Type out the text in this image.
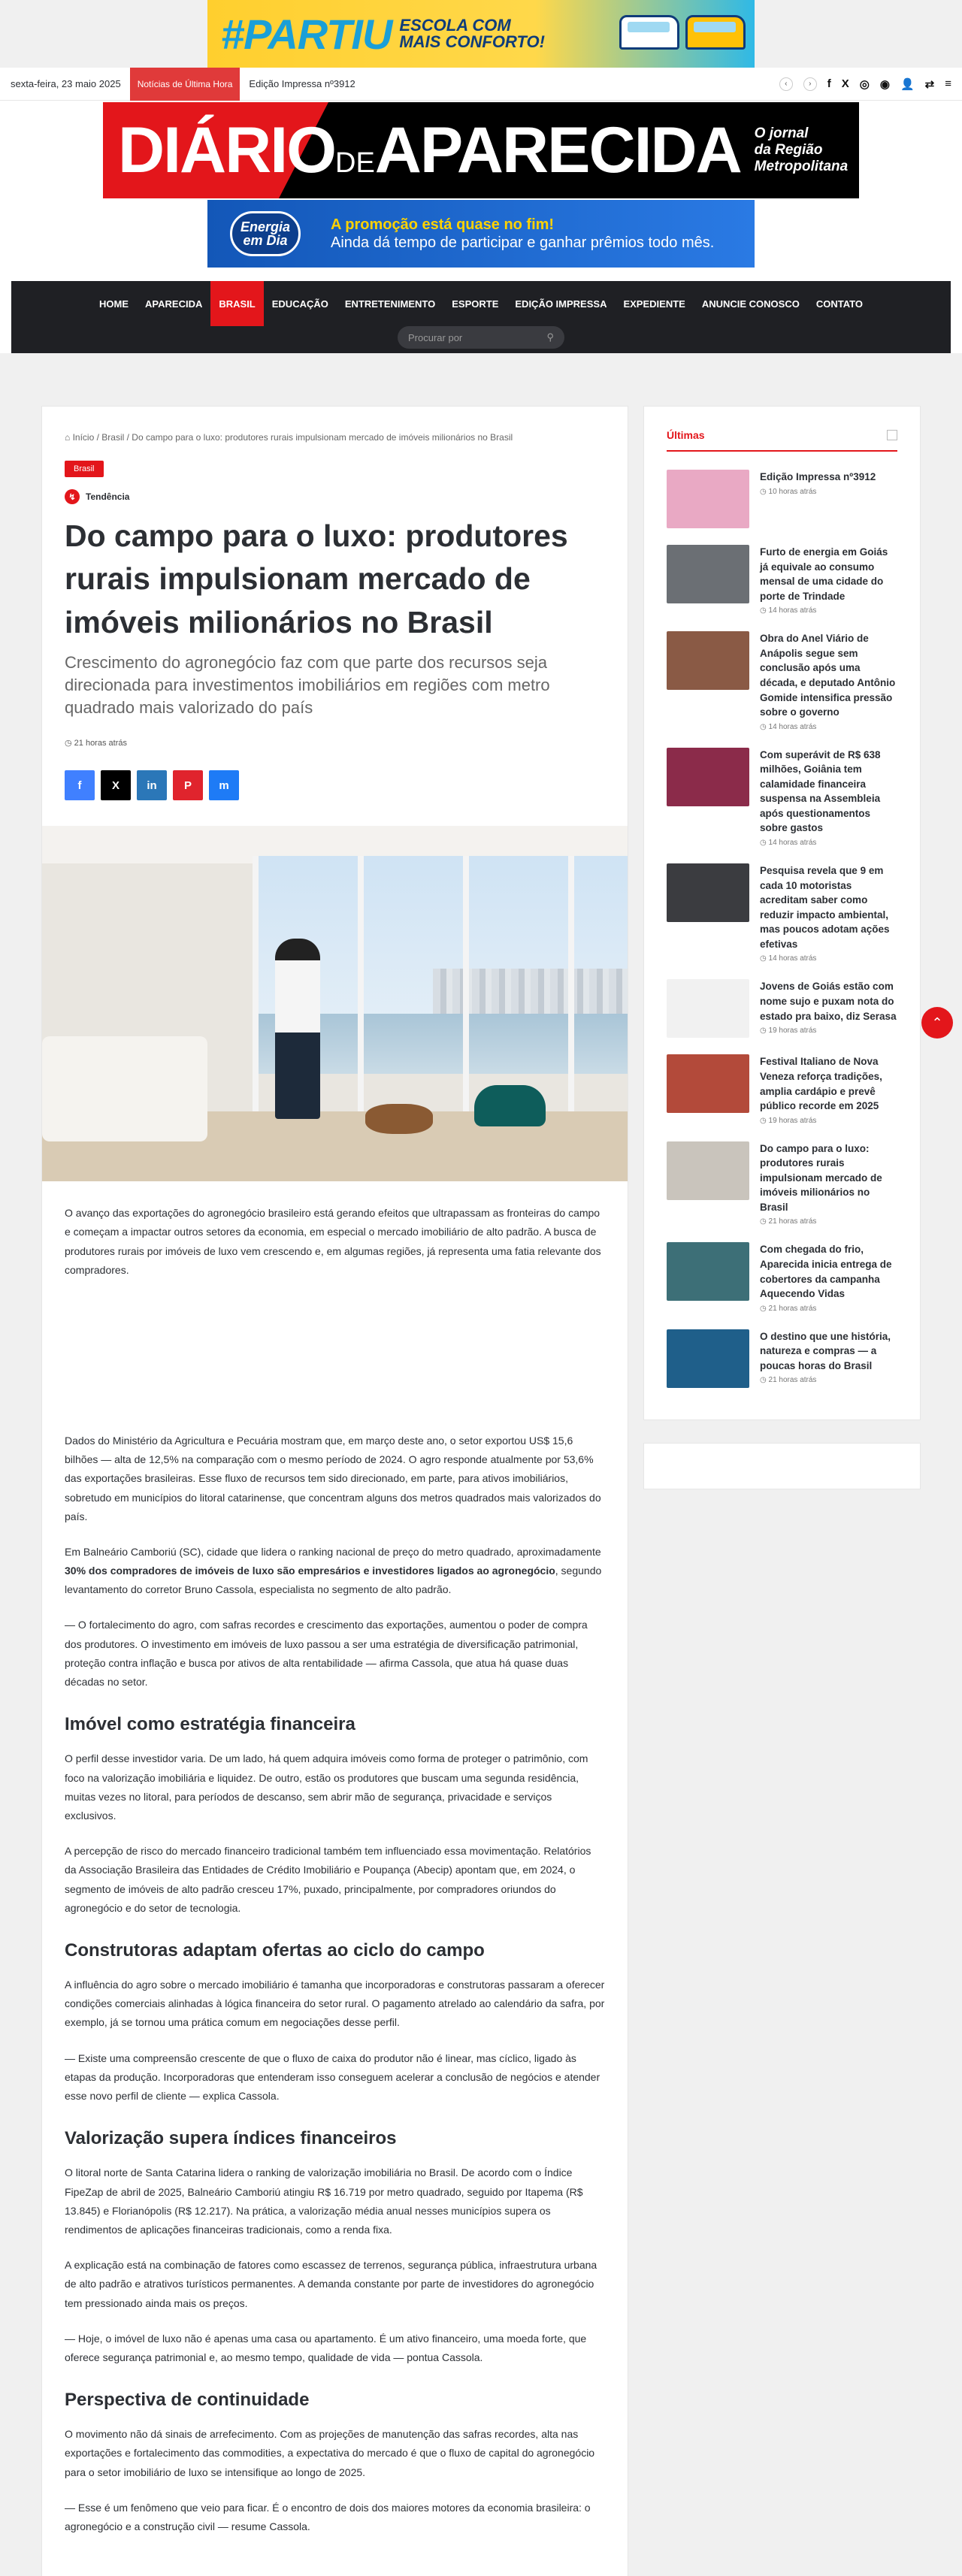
#PARTIU ESCOLA COM MAIS CONFORTO!
sexta-feira, 23 maio 2025	Notícias de Última Hora	Edição Impressa nº3912	‹	›	f X ◎ ◉ 👤 ⇄ ≡
DIÁRIODEAPARECIDA O jornal
da Região
Metropolitana
Energia em Dia
A promoção está quase no fim!
Ainda dá tempo de participar e ganhar prêmios todo mês.
HOME	APARECIDA	BRASIL	EDUCAÇÃO	ENTRETENIMENTO	ESPORTE	EDIÇÃO IMPRESSA	EXPEDIENTE	ANUNCIE CONOSCO	CONTATO
Procurar por	⚲
⌂ Início / Brasil / Do campo para o luxo: produtores rurais impulsionam mercado de imóveis milionários no Brasil
Brasil
↯	Tendência
Do campo para o luxo: produtores rurais impulsionam mercado de imóveis milionários no Brasil
Crescimento do agronegócio faz com que parte dos recursos seja direcionada para investimentos imobiliários em regiões com metro quadrado mais valorizado do país
◷ 21 horas atrás
f	X	in	P	m

O avanço das exportações do agronegócio brasileiro está gerando efeitos que ultrapassam as fronteiras do campo e começam a impactar outros setores da economia, em especial o mercado imobiliário de alto padrão. A busca de produtores rurais por imóveis de luxo vem crescendo e, em algumas regiões, já representa uma fatia relevante dos compradores.

Dados do Ministério da Agricultura e Pecuária mostram que, em março deste ano, o setor exportou US$ 15,6 bilhões — alta de 12,5% na comparação com o mesmo período de 2024. O agro responde atualmente por 53,6% das exportações brasileiras. Esse fluxo de recursos tem sido direcionado, em parte, para ativos imobiliários, sobretudo em municípios do litoral catarinense, que concentram alguns dos metros quadrados mais valorizados do país.

Em Balneário Camboriú (SC), cidade que lidera o ranking nacional de preço do metro quadrado, aproximadamente 30% dos compradores de imóveis de luxo são empresários e investidores ligados ao agronegócio, segundo levantamento do corretor Bruno Cassola, especialista no segmento de alto padrão.

— O fortalecimento do agro, com safras recordes e crescimento das exportações, aumentou o poder de compra dos produtores. O investimento em imóveis de luxo passou a ser uma estratégia de diversificação patrimonial, proteção contra inflação e busca por ativos de alta rentabilidade — afirma Cassola, que atua há quase duas décadas no setor.

Imóvel como estratégia financeira

O perfil desse investidor varia. De um lado, há quem adquira imóveis como forma de proteger o patrimônio, com foco na valorização imobiliária e liquidez. De outro, estão os produtores que buscam uma segunda residência, muitas vezes no litoral, para períodos de descanso, sem abrir mão de segurança, privacidade e serviços exclusivos.

A percepção de risco do mercado financeiro tradicional também tem influenciado essa movimentação. Relatórios da Associação Brasileira das Entidades de Crédito Imobiliário e Poupança (Abecip) apontam que, em 2024, o segmento de imóveis de alto padrão cresceu 17%, puxado, principalmente, por compradores oriundos do agronegócio e do setor de tecnologia.

Construtoras adaptam ofertas ao ciclo do campo

A influência do agro sobre o mercado imobiliário é tamanha que incorporadoras e construtoras passaram a oferecer condições comerciais alinhadas à lógica financeira do setor rural. O pagamento atrelado ao calendário da safra, por exemplo, já se tornou uma prática comum em negociações desse perfil.

— Existe uma compreensão crescente de que o fluxo de caixa do produtor não é linear, mas cíclico, ligado às etapas da produção. Incorporadoras que entenderam isso conseguem acelerar a conclusão de negócios e atender esse novo perfil de cliente — explica Cassola.

Valorização supera índices financeiros

O litoral norte de Santa Catarina lidera o ranking de valorização imobiliária no Brasil. De acordo com o Índice FipeZap de abril de 2025, Balneário Camboriú atingiu R$ 16.719 por metro quadrado, seguido por Itapema (R$ 13.845) e Florianópolis (R$ 12.217). Na prática, a valorização média anual nesses municípios supera os rendimentos de aplicações financeiras tradicionais, como a renda fixa.

A explicação está na combinação de fatores como escassez de terrenos, segurança pública, infraestrutura urbana de alto padrão e atrativos turísticos permanentes. A demanda constante por parte de investidores do agronegócio tem pressionado ainda mais os preços.

— Hoje, o imóvel de luxo não é apenas uma casa ou apartamento. É um ativo financeiro, uma moeda forte, que oferece segurança patrimonial e, ao mesmo tempo, qualidade de vida — pontua Cassola.

Perspectiva de continuidade

O movimento não dá sinais de arrefecimento. Com as projeções de manutenção das safras recordes, alta nas exportações e fortalecimento das commodities, a expectativa do mercado é que o fluxo de capital do agronegócio para o setor imobiliário de luxo se intensifique ao longo de 2025.

— Esse é um fenômeno que veio para ficar. É o encontro de dois dos maiores motores da economia brasileira: o agronegócio e a construção civil — resume Cassola.

Últimas
Edição Impressa nº3912
◷ 10 horas atrás
Furto de energia em Goiás já equivale ao consumo mensal de uma cidade do porte de Trindade
◷ 14 horas atrás
Obra do Anel Viário de Anápolis segue sem conclusão após uma década, e deputado Antônio Gomide intensifica pressão sobre o governo
◷ 14 horas atrás
Com superávit de R$ 638 milhões, Goiânia tem calamidade financeira suspensa na Assembleia após questionamentos sobre gastos
◷ 14 horas atrás
Pesquisa revela que 9 em cada 10 motoristas acreditam saber como reduzir impacto ambiental, mas poucos adotam ações efetivas
◷ 14 horas atrás
Jovens de Goiás estão com nome sujo e puxam nota do estado pra baixo, diz Serasa
◷ 19 horas atrás
Festival Italiano de Nova Veneza reforça tradições, amplia cardápio e prevê público recorde em 2025
◷ 19 horas atrás
Do campo para o luxo: produtores rurais impulsionam mercado de imóveis milionários no Brasil
◷ 21 horas atrás
Com chegada do frio, Aparecida inicia entrega de cobertores da campanha Aquecendo Vidas
◷ 21 horas atrás
O destino que une história, natureza e compras — a poucas horas do Brasil
◷ 21 horas atrás
⌃
